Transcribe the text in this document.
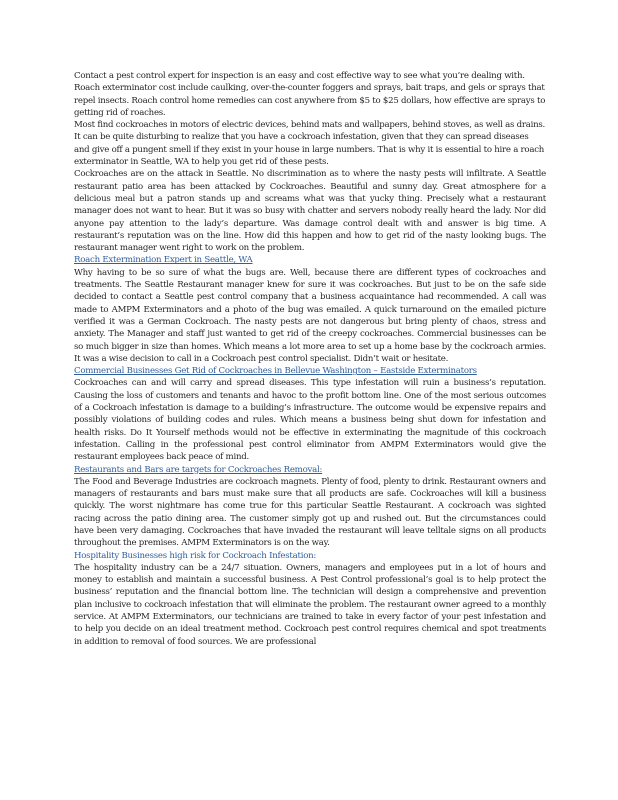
Contact a pest control expert for inspection is an easy and cost effective way to see what you’re dealing with. Roach exterminator cost include caulking, over-the-counter foggers and sprays, bait traps, and gels or sprays that repel insects. Roach control home remedies can cost anywhere from $5 to $25 dollars, how effective are sprays to getting rid of roaches.

Most find cockroaches in motors of electric devices, behind mats and wallpapers, behind stoves, as well as drains. It can be quite disturbing to realize that you have a cockroach infestation, given that they can spread diseases and give off a pungent smell if they exist in your house in large numbers. That is why it is essential to hire a roach exterminator in Seattle, WA to help you get rid of these pests.

Cockroaches are on the attack in Seattle. No discrimination as to where the nasty pests will infiltrate. A Seattle restaurant patio area has been attacked by Cockroaches. Beautiful and sunny day. Great atmosphere for a delicious meal but a patron stands up and screams what was that yucky thing. Precisely what a restaurant manager does not want to hear. But it was so busy with chatter and servers nobody really heard the lady. Nor did anyone pay attention to the lady’s departure. Was damage control dealt with and answer is big time. A restaurant’s reputation was on the line. How did this happen and how to get rid of the nasty looking bugs. The restaurant manager went right to work on the problem.

Roach Extermination Expert in Seattle, WA

Why having to be so sure of what the bugs are. Well, because there are different types of cockroaches and treatments. The Seattle Restaurant manager knew for sure it was cockroaches. But just to be on the safe side decided to contact a Seattle pest control company that a business acquaintance had recommended. A call was made to AMPM Exterminators and a photo of the bug was emailed. A quick turnaround on the emailed picture verified it was a German Cockroach. The nasty pests are not dangerous but bring plenty of chaos, stress and anxiety. The Manager and staff just wanted to get rid of the creepy cockroaches. Commercial businesses can be so much bigger in size than homes. Which means a lot more area to set up a home base by the cockroach armies. It was a wise decision to call in a Cockroach pest control specialist. Didn’t wait or hesitate.

Commercial Businesses Get Rid of Cockroaches in Bellevue Washington – Eastside Exterminators

Cockroaches can and will carry and spread diseases. This type infestation will ruin a business’s reputation. Causing the loss of customers and tenants and havoc to the profit bottom line. One of the most serious outcomes of a Cockroach infestation is damage to a building’s infrastructure. The outcome would be expensive repairs and possibly violations of building codes and rules. Which means a business being shut down for infestation and health risks. Do It Yourself methods would not be effective in exterminating the magnitude of this cockroach infestation. Calling in the professional pest control eliminator from AMPM Exterminators would give the restaurant employees back peace of mind.

Restaurants and Bars are targets for Cockroaches Removal:

The Food and Beverage Industries are cockroach magnets. Plenty of food, plenty to drink. Restaurant owners and managers of restaurants and bars must make sure that all products are safe. Cockroaches will kill a business quickly. The worst nightmare has come true for this particular Seattle Restaurant. A cockroach was sighted racing across the patio dining area. The customer simply got up and rushed out. But the circumstances could have been very damaging. Cockroaches that have invaded the restaurant will leave telltale signs on all products throughout the premises. AMPM Exterminators is on the way.

Hospitality Businesses high risk for Cockroach Infestation:

The hospitality industry can be a 24/7 situation. Owners, managers and employees put in a lot of hours and money to establish and maintain a successful business. A Pest Control professional’s goal is to help protect the business’ reputation and the financial bottom line. The technician will design a comprehensive and prevention plan inclusive to cockroach infestation that will eliminate the problem. The restaurant owner agreed to a monthly service. At AMPM Exterminators, our technicians are trained to take in every factor of your pest infestation and to help you decide on an ideal treatment method. Cockroach pest control requires chemical and spot treatments in addition to removal of food sources. We are professional
